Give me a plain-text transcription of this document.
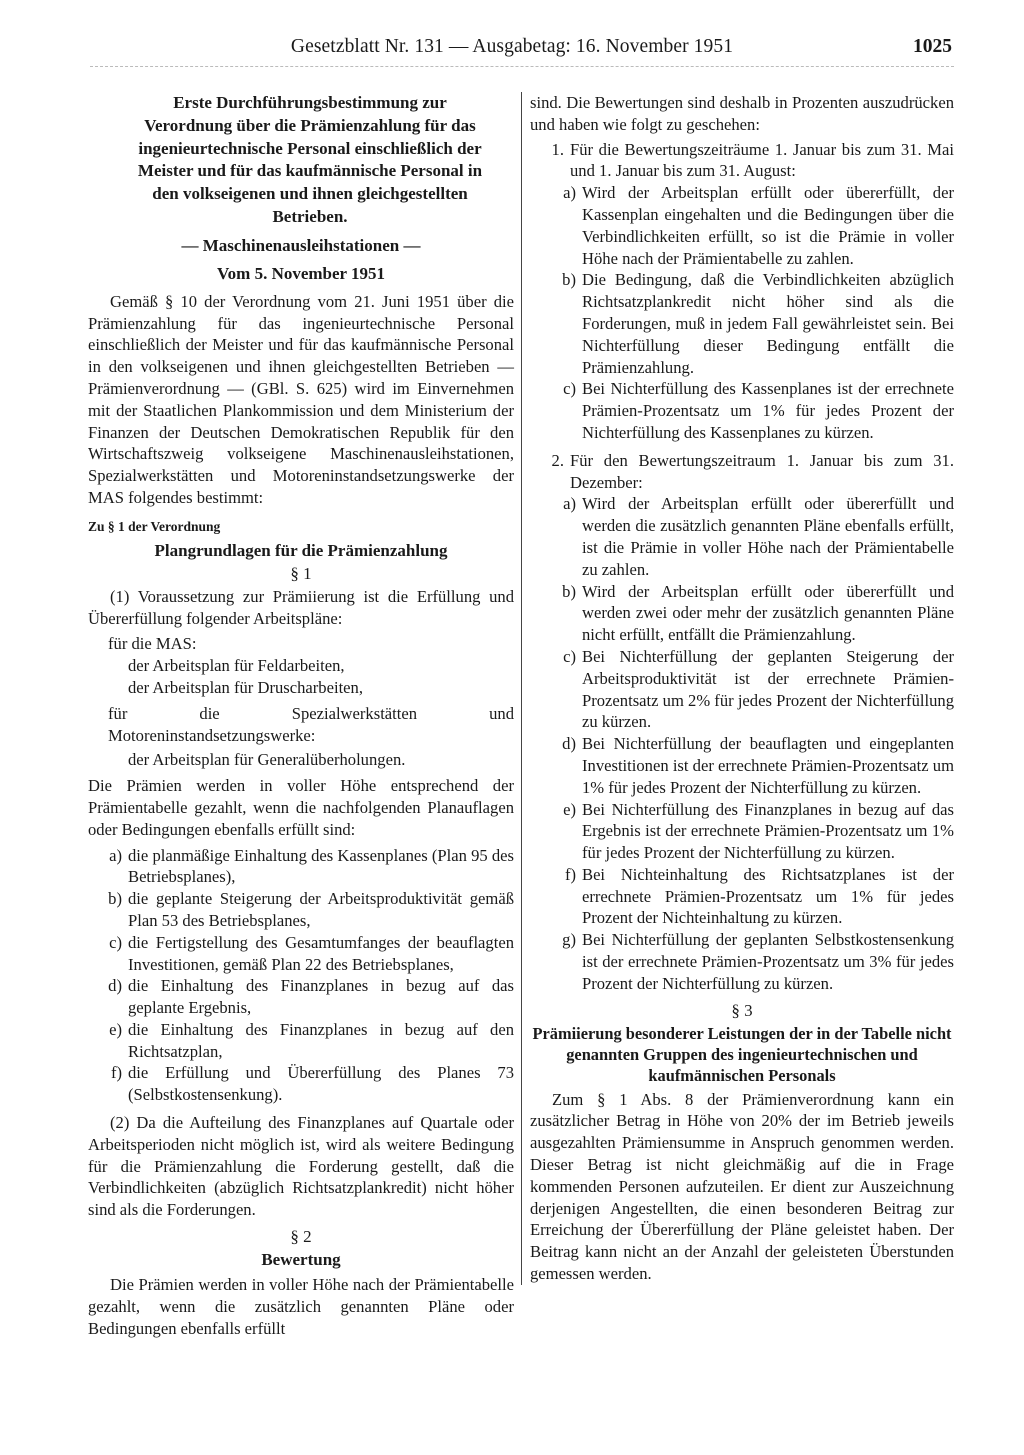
Gesetzblatt Nr. 131 — Ausgabetag: 16. November 1951	1025
Erste Durchführungsbestimmung zur Verordnung über die Prämienzahlung für das ingenieurtechnische Personal einschließlich der Meister und für das kaufmännische Personal in den volkseigenen und ihnen gleichgestellten Betrieben.
— Maschinenausleihstationen —
Vom 5. November 1951

Gemäß § 10 der Verordnung vom 21. Juni 1951 über die Prämienzahlung für das ingenieurtechnische Personal einschließlich der Meister und für das kaufmännische Personal in den volkseigenen und ihnen gleichgestellten Betrieben — Prämienverordnung — (GBl. S. 625) wird im Einvernehmen mit der Staatlichen Plankommission und dem Ministerium der Finanzen der Deutschen Demokratischen Republik für den Wirtschaftszweig volkseigene Maschinenausleihstationen, Spezialwerkstätten und Motoreninstandsetzungswerke der MAS folgendes bestimmt:

Zu § 1 der Verordnung
Plangrundlagen für die Prämienzahlung
§ 1

(1) Voraussetzung zur Prämiierung ist die Erfüllung und Übererfüllung folgender Arbeitspläne:

für die MAS:
der Arbeitsplan für Feldarbeiten,
der Arbeitsplan für Druscharbeiten,
für die Spezialwerkstätten und Motoreninstandsetzungswerke:
der Arbeitsplan für Generalüberholungen.

Die Prämien werden in voller Höhe entsprechend der Prämientabelle gezahlt, wenn die nachfolgenden Planauflagen oder Bedingungen ebenfalls erfüllt sind:

a) die planmäßige Einhaltung des Kassenplanes (Plan 95 des Betriebsplanes),
b) die geplante Steigerung der Arbeitsproduktivität gemäß Plan 53 des Betriebsplanes,
c) die Fertigstellung des Gesamtumfanges der beauflagten Investitionen, gemäß Plan 22 des Betriebsplanes,
d) die Einhaltung des Finanzplanes in bezug auf das geplante Ergebnis,
e) die Einhaltung des Finanzplanes in bezug auf den Richtsatzplan,
f) die Erfüllung und Übererfüllung des Planes 73 (Selbstkostensenkung).

(2) Da die Aufteilung des Finanzplanes auf Quartale oder Arbeitsperioden nicht möglich ist, wird als weitere Bedingung für die Prämienzahlung die Forderung gestellt, daß die Verbindlichkeiten (abzüglich Richtsatzplankredit) nicht höher sind als die Forderungen.

§ 2
Bewertung

Die Prämien werden in voller Höhe nach der Prämientabelle gezahlt, wenn die zusätzlich genannten Pläne oder Bedingungen ebenfalls erfüllt

sind. Die Bewertungen sind deshalb in Prozenten auszudrücken und haben wie folgt zu geschehen:

1. Für die Bewertungszeiträume 1. Januar bis zum 31. Mai und 1. Januar bis zum 31. August:
a) Wird der Arbeitsplan erfüllt oder übererfüllt, der Kassenplan eingehalten und die Bedingungen über die Verbindlichkeiten erfüllt, so ist die Prämie in voller Höhe nach der Prämientabelle zu zahlen.
b) Die Bedingung, daß die Verbindlichkeiten abzüglich Richtsatzplankredit nicht höher sind als die Forderungen, muß in jedem Fall gewährleistet sein. Bei Nichterfüllung dieser Bedingung entfällt die Prämienzahlung.
c) Bei Nichterfüllung des Kassenplanes ist der errechnete Prämien-Prozentsatz um 1% für jedes Prozent der Nichterfüllung des Kassenplanes zu kürzen.
2. Für den Bewertungszeitraum 1. Januar bis zum 31. Dezember:
a) Wird der Arbeitsplan erfüllt oder übererfüllt und werden die zusätzlich genannten Pläne ebenfalls erfüllt, ist die Prämie in voller Höhe nach der Prämientabelle zu zahlen.
b) Wird der Arbeitsplan erfüllt oder übererfüllt und werden zwei oder mehr der zusätzlich genannten Pläne nicht erfüllt, entfällt die Prämienzahlung.
c) Bei Nichterfüllung der geplanten Steigerung der Arbeitsproduktivität ist der errechnete Prämien-Prozentsatz um 2% für jedes Prozent der Nichterfüllung zu kürzen.
d) Bei Nichterfüllung der beauflagten und eingeplanten Investitionen ist der errechnete Prämien-Prozentsatz um 1% für jedes Prozent der Nichterfüllung zu kürzen.
e) Bei Nichterfüllung des Finanzplanes in bezug auf das Ergebnis ist der errechnete Prämien-Prozentsatz um 1% für jedes Prozent der Nichterfüllung zu kürzen.
f) Bei Nichteinhaltung des Richtsatzplanes ist der errechnete Prämien-Prozentsatz um 1% für jedes Prozent der Nichteinhaltung zu kürzen.
g) Bei Nichterfüllung der geplanten Selbstkostensenkung ist der errechnete Prämien-Prozentsatz um 3% für jedes Prozent der Nichterfüllung zu kürzen.
§ 3
Prämiierung besonderer Leistungen der in der Tabelle nicht genannten Gruppen des ingenieurtechnischen und kaufmännischen Personals

Zum § 1 Abs. 8 der Prämienverordnung kann ein zusätzlicher Betrag in Höhe von 20% der im Betrieb jeweils ausgezahlten Prämiensumme in Anspruch genommen werden. Dieser Betrag ist nicht gleichmäßig auf die in Frage kommenden Personen aufzuteilen. Er dient zur Auszeichnung derjenigen Angestellten, die einen besonderen Beitrag zur Erreichung der Übererfüllung der Pläne geleistet haben. Der Beitrag kann nicht an der Anzahl der geleisteten Überstunden gemessen werden.
